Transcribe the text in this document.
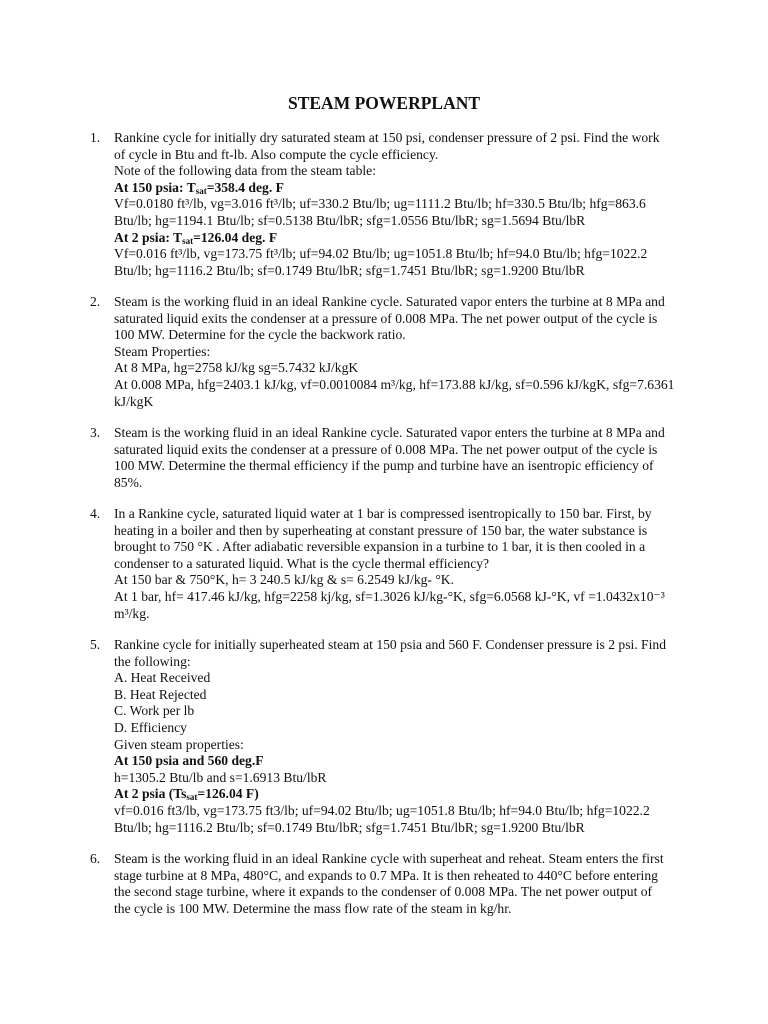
STEAM POWERPLANT
1.	Rankine cycle for initially dry saturated steam at 150 psi, condenser pressure of 2 psi. Find the work
of cycle in Btu and ft-lb. Also compute the cycle efficiency.
Note of the following data from the steam table:
At 150 psia: $T_{sat}=358.4$ deg. F
Vf=0.0180 ft³/lb, vg=3.016 ft³/lb; uf=330.2 Btu/lb; ug=1111.2 Btu/lb; hf=330.5 Btu/lb; hfg=863.6
Btu/lb; hg=1194.1 Btu/lb; sf=0.5138 Btu/lbR; sfg=1.0556 Btu/lbR; sg=1.5694 Btu/lbR
At 2 psia: $T_{sat}=126.04$ deg. F
Vf=0.016 ft³/lb, vg=173.75 ft³/lb; uf=94.02 Btu/lb; ug=1051.8 Btu/lb; hf=94.0 Btu/lb; hfg=1022.2
Btu/lb; hg=1116.2 Btu/lb; sf=0.1749 Btu/lbR; sfg=1.7451 Btu/lbR; sg=1.9200 Btu/lbR
2.	Steam is the working fluid in an ideal Rankine cycle. Saturated vapor enters the turbine at 8 MPa and
saturated liquid exits the condenser at a pressure of 0.008 MPa. The net power output of the cycle is
100 MW. Determine for the cycle the backwork ratio.
Steam Properties:
At 8 MPa, hg=2758 kJ/kg sg=5.7432 kJ/kgK
At 0.008 MPa, hfg=2403.1 kJ/kg, vf=0.0010084 m³/kg, hf=173.88 kJ/kg, sf=0.596 kJ/kgK, sfg=7.6361
kJ/kgK
3.	Steam is the working fluid in an ideal Rankine cycle. Saturated vapor enters the turbine at 8 MPa and
saturated liquid exits the condenser at a pressure of 0.008 MPa. The net power output of the cycle is
100 MW. Determine the thermal efficiency if the pump and turbine have an isentropic efficiency of
85%.
4.	In a Rankine cycle, saturated liquid water at 1 bar is compressed isentropically to 150 bar. First, by
heating in a boiler and then by superheating at constant pressure of 150 bar, the water substance is
brought to 750 °K . After adiabatic reversible expansion in a turbine to 1 bar, it is then cooled in a
condenser to a saturated liquid. What is the cycle thermal efficiency?
At 150 bar & 750°K, h= 3 240.5 kJ/kg & s= 6.2549 kJ/kg- °K.
At 1 bar, hf= 417.46 kJ/kg, hfg=2258 kj/kg, sf=1.3026 kJ/kg-°K, sfg=6.0568 kJ-°K, vf =1.0432x10⁻³
m³/kg.
5.	Rankine cycle for initially superheated steam at 150 psia and 560 F. Condenser pressure is 2 psi. Find
the following:
A. Heat Received
B. Heat Rejected
C. Work per lb
D. Efficiency
Given steam properties:
At 150 psia and 560 deg.F
h=1305.2 Btu/lb and s=1.6913 Btu/lbR
At 2 psia ($Ts_{sat}=126.04$ F)
vf=0.016 ft3/lb, vg=173.75 ft3/lb; uf=94.02 Btu/lb; ug=1051.8 Btu/lb; hf=94.0 Btu/lb; hfg=1022.2
Btu/lb; hg=1116.2 Btu/lb; sf=0.1749 Btu/lbR; sfg=1.7451 Btu/lbR; sg=1.9200 Btu/lbR
6.	Steam is the working fluid in an ideal Rankine cycle with superheat and reheat. Steam enters the first
stage turbine at 8 MPa, 480°C, and expands to 0.7 MPa. It is then reheated to 440°C before entering
the second stage turbine, where it expands to the condenser of 0.008 MPa. The net power output of
the cycle is 100 MW. Determine the mass flow rate of the steam in kg/hr.
